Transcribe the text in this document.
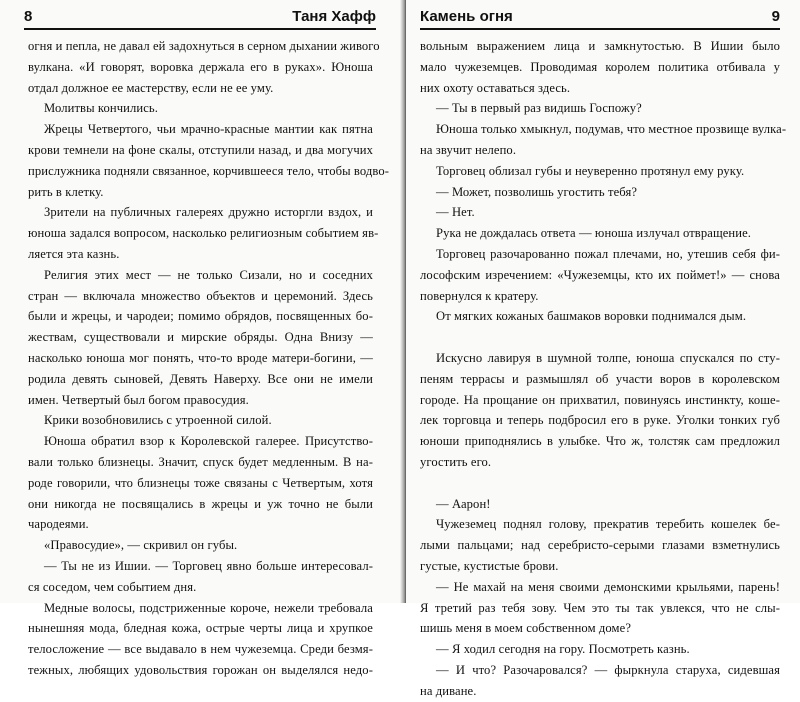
8	Таня Хафф
огня и пепла, не давал ей задохнуться в серном дыхании живого
вулкана. «И говорят, воровка держала его в руках». Юноша
отдал должное ее мастерству, если не ее уму.
Молитвы кончились.
Жрецы Четвертого, чьи мрачно-красные мантии как пятна
крови темнели на фоне скалы, отступили назад, и два могучих
прислужника подняли связанное, корчившееся тело, чтобы водво-
рить в клетку.
Зрители на публичных галереях дружно исторгли вздох, и
юноша задался вопросом, насколько религиозным событием яв-
ляется эта казнь.
Религия этих мест — не только Сизали, но и соседних
стран — включала множество объектов и церемоний. Здесь
были и жрецы, и чародеи; помимо обрядов, посвященных бо-
жествам, существовали и мирские обряды. Одна Внизу —
насколько юноша мог понять, что-то вроде матери-богини, —
родила девять сыновей, Девять Наверху. Все они не имели
имен. Четвертый был богом правосудия.
Крики возобновились с утроенной силой.
Юноша обратил взор к Королевской галерее. Присутство-
вали только близнецы. Значит, спуск будет медленным. В на-
роде говорили, что близнецы тоже связаны с Четвертым, хотя
они никогда не посвящались в жрецы и уж точно не были
чародеями.
«Правосудие», — скривил он губы.
— Ты не из Ишии. — Торговец явно больше интересовал-
ся соседом, чем событием дня.
Медные волосы, подстриженные короче, нежели требовала
нынешняя мода, бледная кожа, острые черты лица и хрупкое
телосложение — все выдавало в нем чужеземца. Среди безмя-
тежных, любящих удовольствия горожан он выделялся недо-
Камень огня	9
вольным выражением лица и замкнутостью. В Ишии было
мало чужеземцев. Проводимая королем политика отбивала у
них охоту оставаться здесь.
— Ты в первый раз видишь Госпожу?
Юноша только хмыкнул, подумав, что местное прозвище вулка-
на звучит нелепо.
Торговец облизал губы и неуверенно протянул ему руку.
— Может, позволишь угостить тебя?
— Нет.
Рука не дождалась ответа — юноша излучал отвращение.
Торговец разочарованно пожал плечами, но, утешив себя фи-
лософским изречением: «Чужеземцы, кто их поймет!» — снова
повернулся к кратеру.
От мягких кожаных башмаков воровки поднимался дым.
Искусно лавируя в шумной толпе, юноша спускался по сту-
пеням террасы и размышлял об участи воров в королевском
городе. На прощание он прихватил, повинуясь инстинкту, коше-
лек торговца и теперь подбросил его в руке. Уголки тонких губ
юноши приподнялись в улыбке. Что ж, толстяк сам предложил
угостить его.
— Аарон!
Чужеземец поднял голову, прекратив теребить кошелек бе-
лыми пальцами; над серебристо-серыми глазами взметнулись
густые, кустистые брови.
— Не махай на меня своими демонскими крыльями, парень!
Я третий раз тебя зову. Чем это ты так увлекся, что не слы-
шишь меня в моем собственном доме?
— Я ходил сегодня на гору. Посмотреть казнь.
— И что? Разочаровался? — фыркнула старуха, сидевшая
на диване.
